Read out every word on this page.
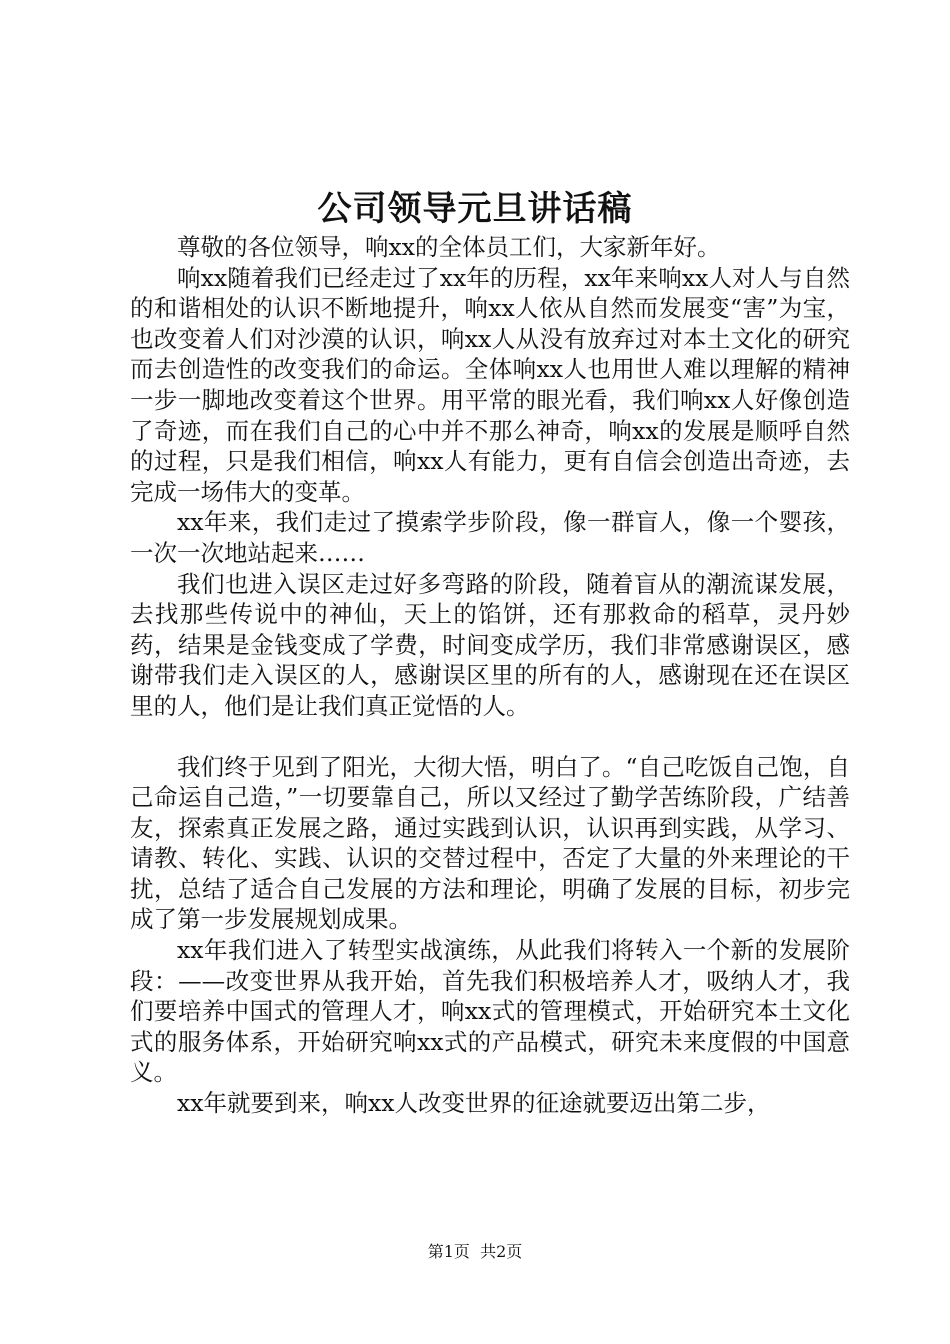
公司领导元旦讲话稿

尊敬的各位领导，响xx的全体员工们，大家新年好。

响xx随着我们已经走过了xx年的历程，xx年来响xx人对人与自然的和谐相处的认识不断地提升，响xx人依从自然而发展变“害”为宝，也改变着人们对沙漠的认识，响xx人从没有放弃过对本土文化的研究而去创造性的改变我们的命运。全体响xx人也用世人难以理解的精神一步一脚地改变着这个世界。用平常的眼光看，我们响xx人好像创造了奇迹，而在我们自己的心中并不那么神奇，响xx的发展是顺呼自然的过程，只是我们相信，响xx人有能力，更有自信会创造出奇迹，去完成一场伟大的变革。

xx年来，我们走过了摸索学步阶段，像一群盲人，像一个婴孩，一次一次地站起来……

我们也进入误区走过好多弯路的阶段，随着盲从的潮流谋发展，去找那些传说中的神仙，天上的馅饼，还有那救命的稻草，灵丹妙药，结果是金钱变成了学费，时间变成学历，我们非常感谢误区，感谢带我们走入误区的人，感谢误区里的所有的人，感谢现在还在误区里的人，他们是让我们真正觉悟的人。

我们终于见到了阳光，大彻大悟，明白了。“自己吃饭自己饱，自己命运自己造，”一切要靠自己，所以又经过了勤学苦练阶段，广结善友，探索真正发展之路，通过实践到认识，认识再到实践，从学习、请教、转化、实践、认识的交替过程中，否定了大量的外来理论的干扰，总结了适合自己发展的方法和理论，明确了发展的目标，初步完成了第一步发展规划成果。

xx年我们进入了转型实战演练，从此我们将转入一个新的发展阶段：——改变世界从我开始，首先我们积极培养人才，吸纳人才，我们要培养中国式的管理人才，响xx式的管理模式，开始研究本土文化式的服务体系，开始研究响xx式的产品模式，研究未来度假的中国意义。

xx年就要到来，响xx人改变世界的征途就要迈出第二步，

第1页 共2页
